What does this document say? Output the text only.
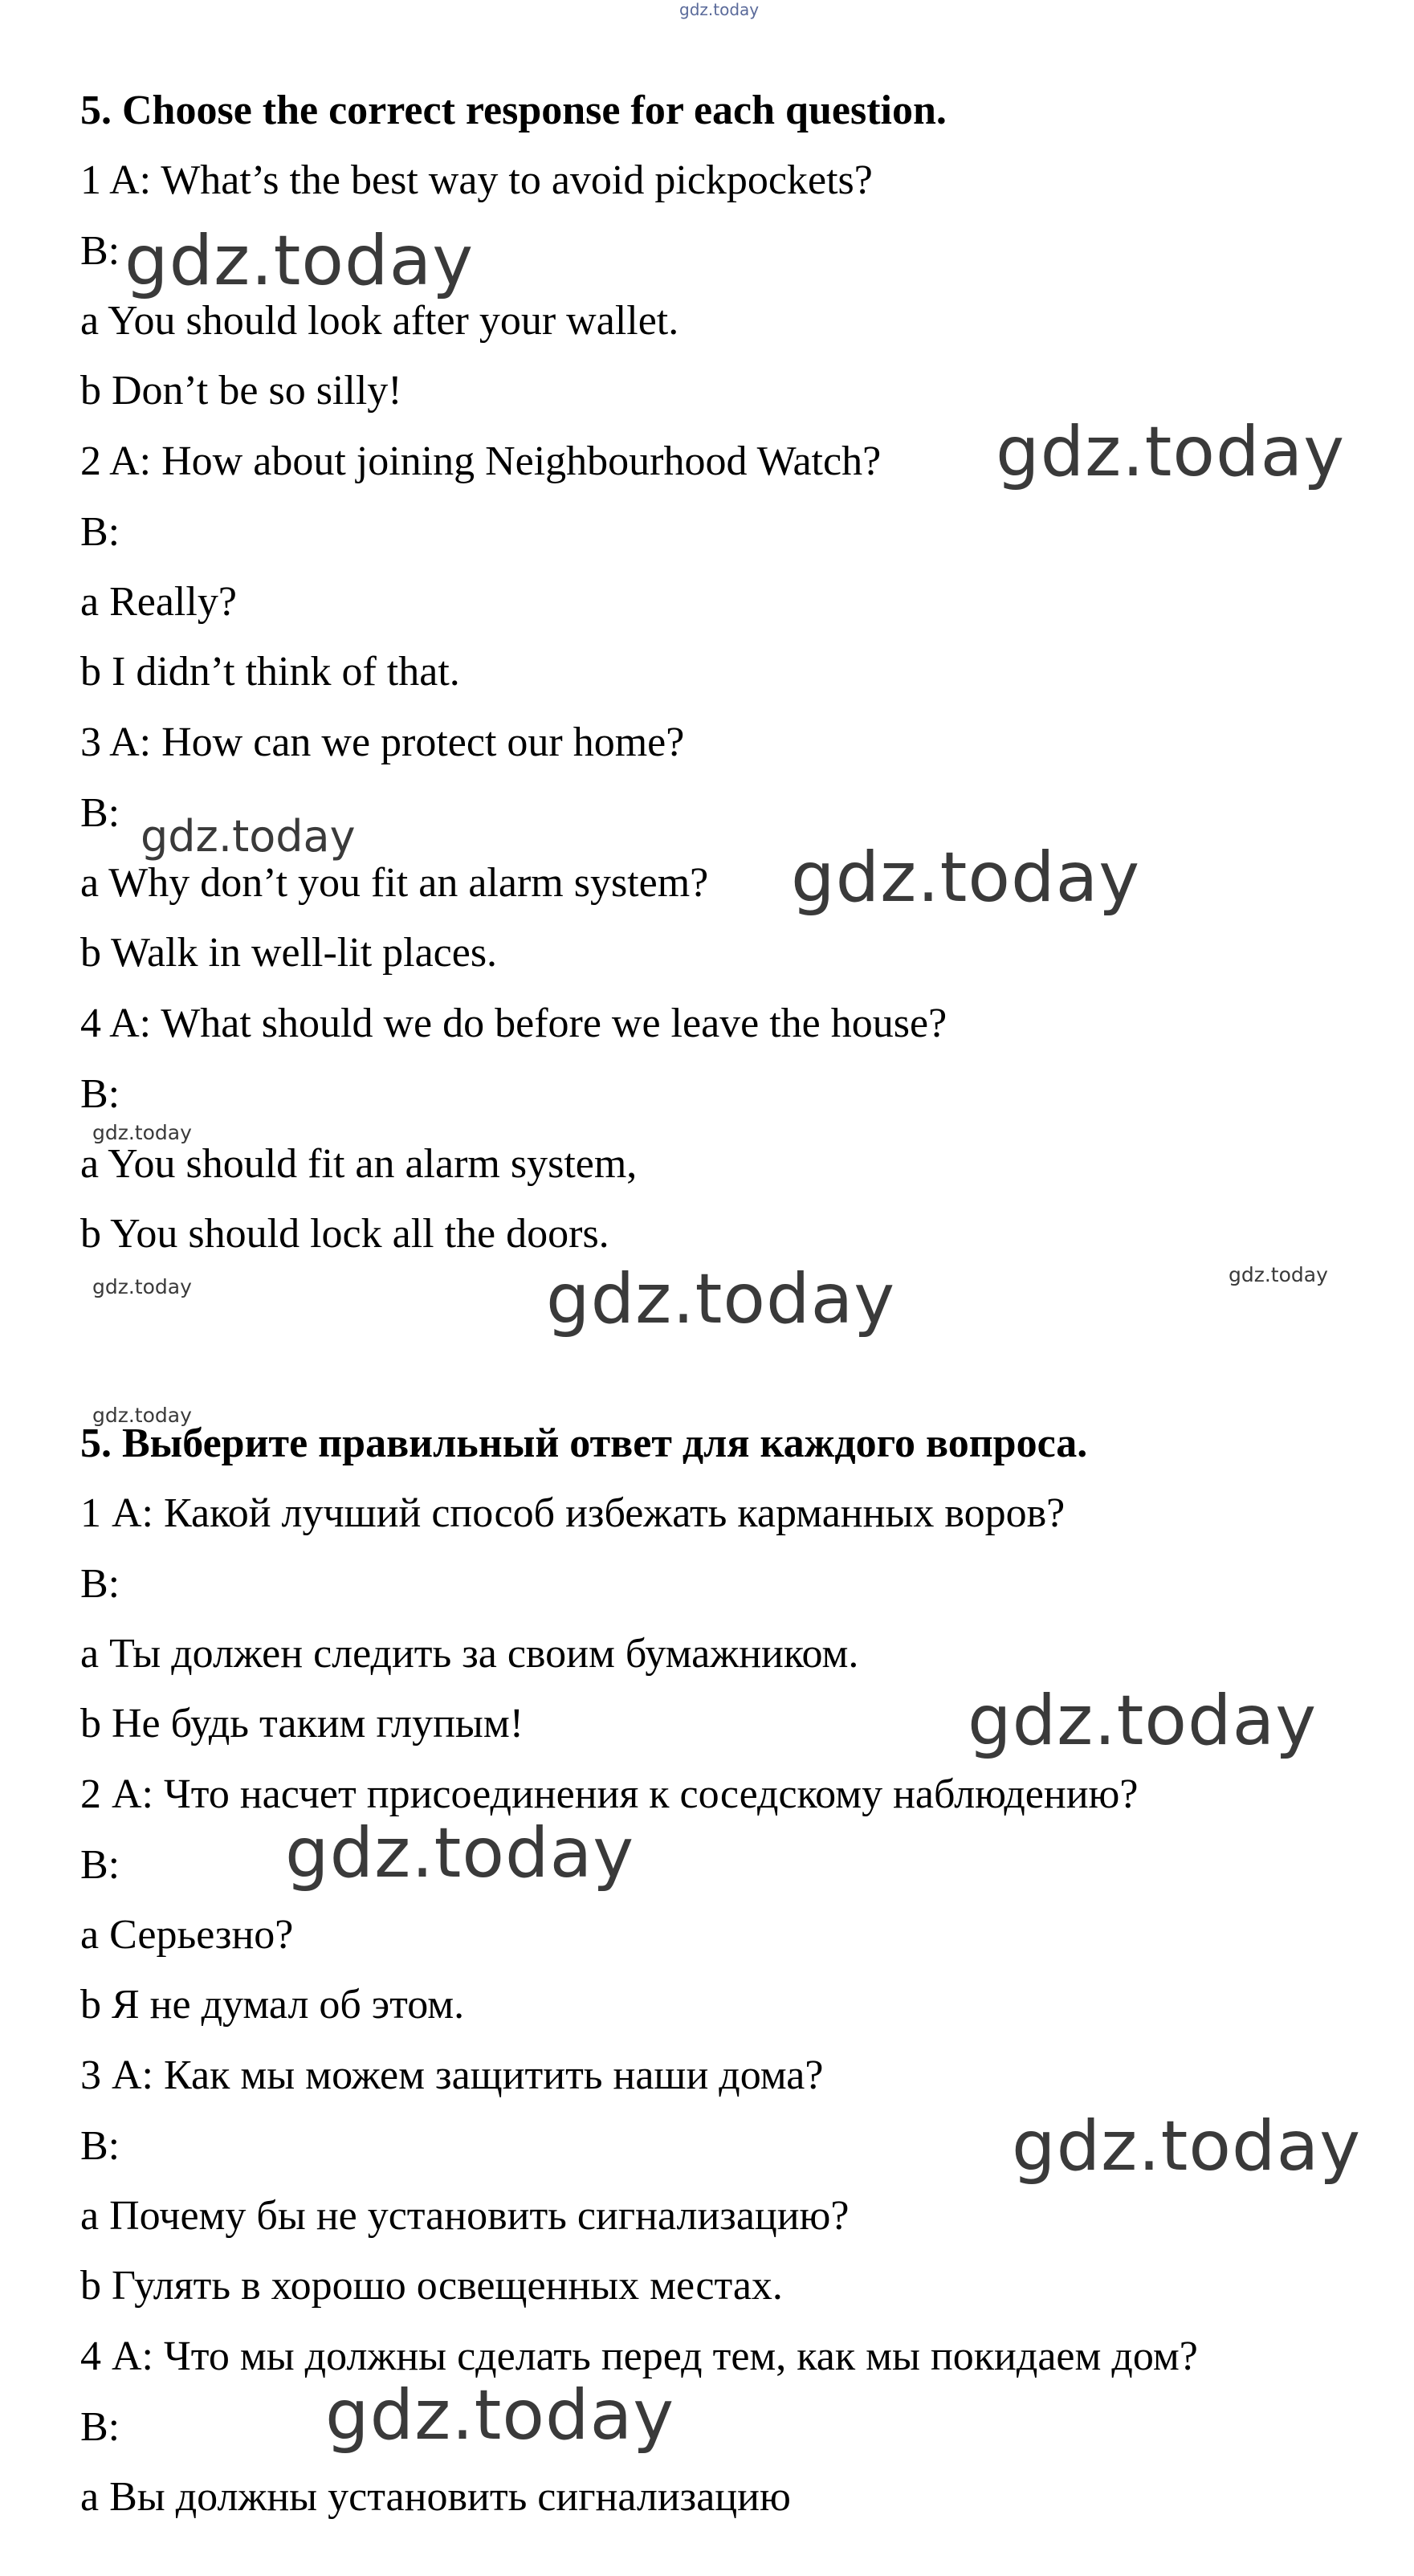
gdz.today
5. Choose the correct response for each question.
1 A: What’s the best way to avoid pickpockets?
B:
a You should look after your wallet.
b Don’t be so silly!
2 A: How about joining Neighbourhood Watch?
B:
a Really?
b I didn’t think of that.
3 A: How can we protect our home?
B:
a Why don’t you fit an alarm system?
b Walk in well-lit places.
4 A: What should we do before we leave the house?
B:
a You should fit an alarm system,
b You should lock all the doors.
5. Выберите правильный ответ для каждого вопроса.
1 А: Какой лучший способ избежать карманных воров?
В:
а Ты должен следить за своим бумажником.
b Не будь таким глупым!
2 А: Что насчет присоединения к соседскому наблюдению?
В:
а Серьезно?
b Я не думал об этом.
3 А: Как мы можем защитить наши дома?
В:
а Почему бы не установить сигнализацию?
b Гулять в хорошо освещенных местах.
4 А: Что мы должны сделать перед тем, как мы покидаем дом?
В:
а Вы должны установить сигнализацию
gdz.today
gdz.today
gdz.today
gdz.today
gdz.today
gdz.today	gdz.today	gdz.today
gdz.today
gdz.today
gdz.today
gdz.today
gdz.today
